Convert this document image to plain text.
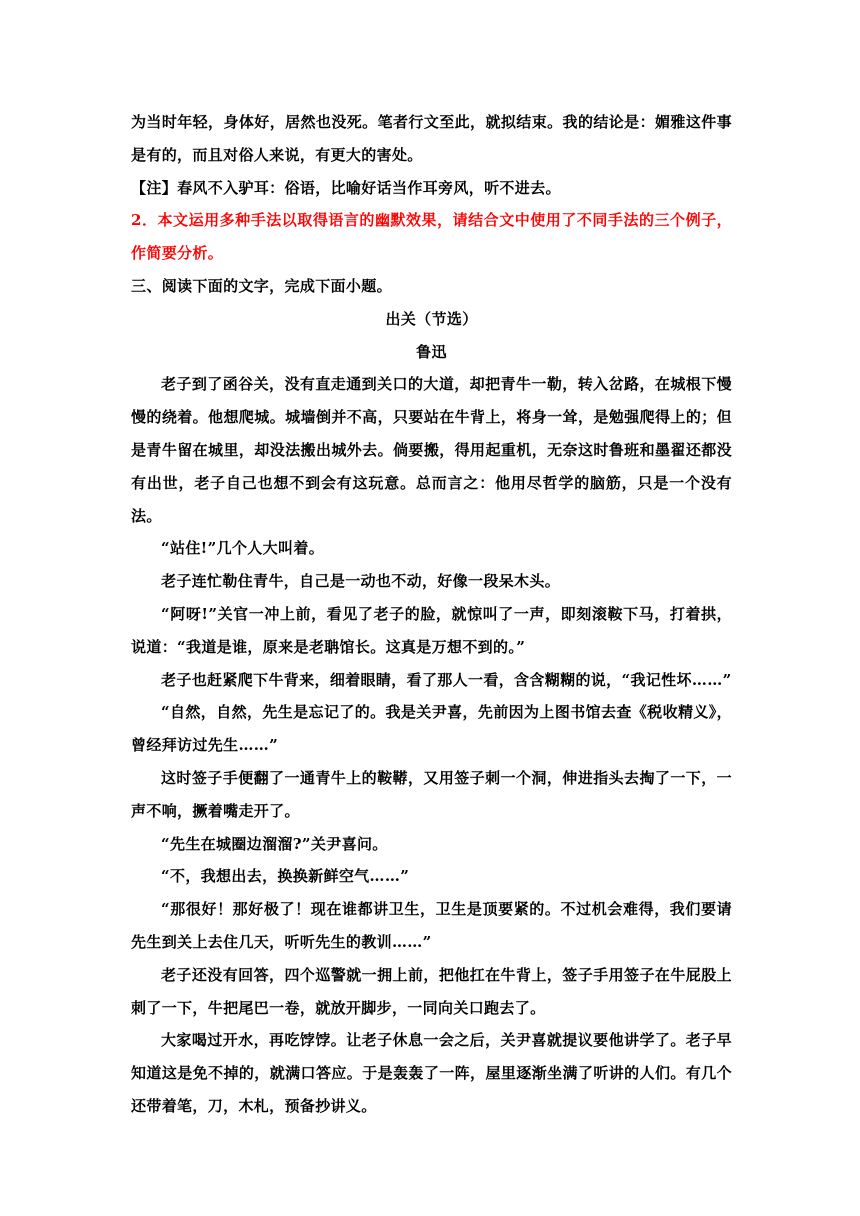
为当时年轻，身体好，居然也没死。笔者行文至此，就拟结束。我的结论是：媚雅这件事是有的，而且对俗人来说，有更大的害处。

【注】春风不入驴耳：俗语，比喻好话当作耳旁风，听不进去。

2．本文运用多种手法以取得语言的幽默效果，请结合文中使用了不同手法的三个例子，作简要分析。

三、阅读下面的文字，完成下面小题。

出关（节选）

鲁迅

老子到了函谷关，没有直走通到关口的大道，却把青牛一勒，转入岔路，在城根下慢慢的绕着。他想爬城。城墙倒并不高，只要站在牛背上，将身一耸，是勉强爬得上的；但是青牛留在城里，却没法搬出城外去。倘要搬，得用起重机，无奈这时鲁班和墨翟还都没有出世，老子自己也想不到会有这玩意。总而言之：他用尽哲学的脑筋，只是一个没有法。

“站住!”几个人大叫着。

老子连忙勒住青牛，自己是一动也不动，好像一段呆木头。

“阿呀!”关官一冲上前，看见了老子的脸，就惊叫了一声，即刻滚鞍下马，打着拱，说道：“我道是谁，原来是老聃馆长。这真是万想不到的。”

老子也赶紧爬下牛背来，细着眼睛，看了那人一看，含含糊糊的说，“我记性坏……”

“自然，自然，先生是忘记了的。我是关尹喜，先前因为上图书馆去查《税收精义》，曾经拜访过先生……”

这时签子手便翻了一通青牛上的鞍鞯，又用签子刺一个洞，伸进指头去掏了一下，一声不响，撅着嘴走开了。

“先生在城圈边溜溜?”关尹喜问。

“不，我想出去，换换新鲜空气……”

“那很好！那好极了！现在谁都讲卫生，卫生是顶要紧的。不过机会难得，我们要请先生到关上去住几天，听听先生的教训……”

老子还没有回答，四个巡警就一拥上前，把他扛在牛背上，签子手用签子在牛屁股上刺了一下，牛把尾巴一卷，就放开脚步，一同向关口跑去了。

大家喝过开水，再吃饽饽。让老子休息一会之后，关尹喜就提议要他讲学了。老子早知道这是免不掉的，就满口答应。于是轰轰了一阵，屋里逐渐坐满了听讲的人们。有几个还带着笔，刀，木札，预备抄讲义。
